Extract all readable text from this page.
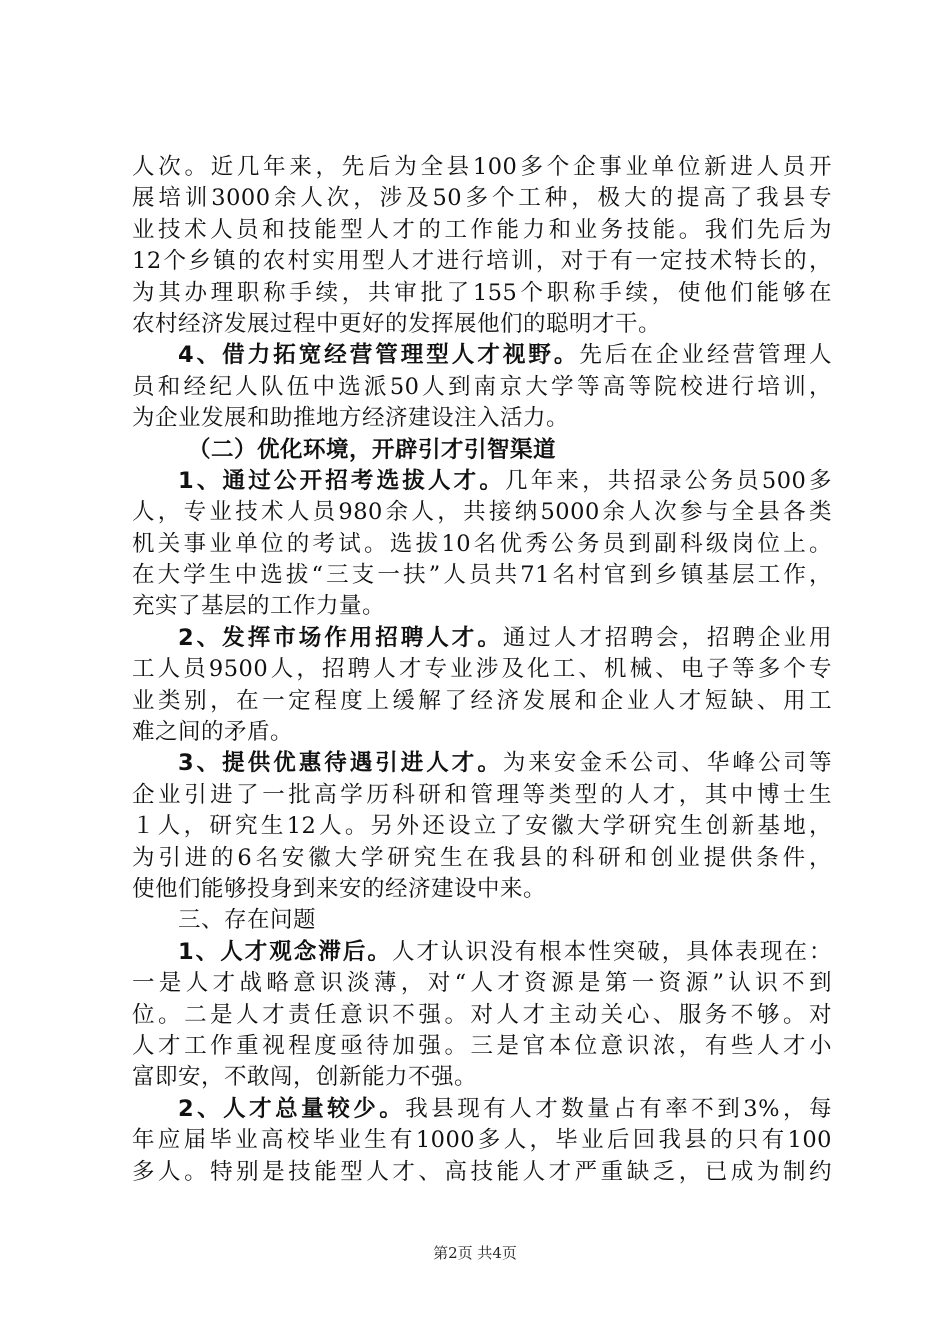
人次。近几年来，先后为全县100多个企事业单位新进人员开
展培训3000余人次，涉及50多个工种，极大的提高了我县专
业技术人员和技能型人才的工作能力和业务技能。我们先后为
12个乡镇的农村实用型人才进行培训，对于有一定技术特长的，
为其办理职称手续，共审批了155个职称手续，使他们能够在
农村经济发展过程中更好的发挥展他们的聪明才干。
4、借力拓宽经营管理型人才视野。先后在企业经营管理人
员和经纪人队伍中选派50人到南京大学等高等院校进行培训，
为企业发展和助推地方经济建设注入活力。
（二）优化环境，开辟引才引智渠道
1、通过公开招考选拔人才。几年来，共招录公务员500多
人，专业技术人员980余人，共接纳5000余人次参与全县各类
机关事业单位的考试。选拔10名优秀公务员到副科级岗位上。
在大学生中选拔“三支一扶”人员共71名村官到乡镇基层工作，
充实了基层的工作力量。
2、发挥市场作用招聘人才。通过人才招聘会，招聘企业用
工人员9500人，招聘人才专业涉及化工、机械、电子等多个专
业类别，在一定程度上缓解了经济发展和企业人才短缺、用工
难之间的矛盾。
3、提供优惠待遇引进人才。为来安金禾公司、华峰公司等
企业引进了一批高学历科研和管理等类型的人才，其中博士生
１人，研究生12人。另外还设立了安徽大学研究生创新基地，
为引进的6名安徽大学研究生在我县的科研和创业提供条件，
使他们能够投身到来安的经济建设中来。
三、存在问题
1、人才观念滞后。人才认识没有根本性突破，具体表现在：
一是人才战略意识淡薄，对“人才资源是第一资源”认识不到
位。二是人才责任意识不强。对人才主动关心、服务不够。对
人才工作重视程度亟待加强。三是官本位意识浓，有些人才小
富即安，不敢闯，创新能力不强。
2、人才总量较少。我县现有人才数量占有率不到3%，每
年应届毕业高校毕业生有1000多人，毕业后回我县的只有100
多人。特别是技能型人才、高技能人才严重缺乏，已成为制约
第2页 共4页
